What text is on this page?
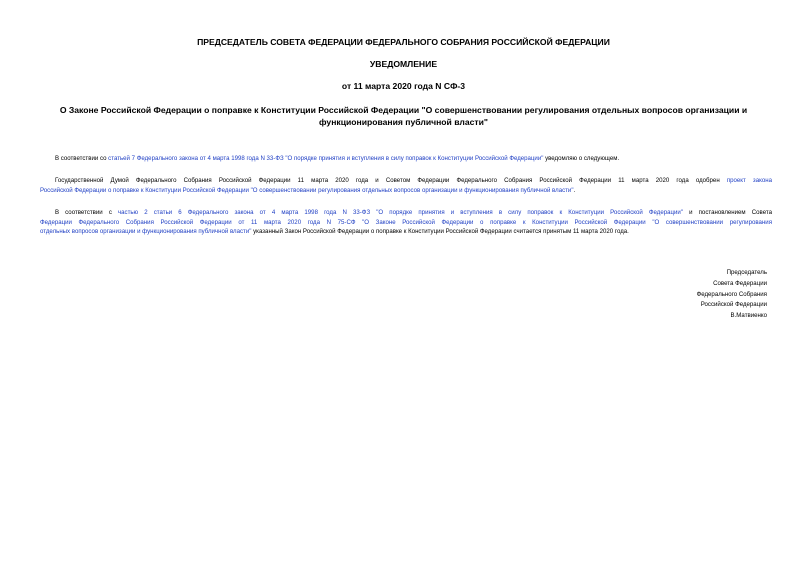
ПРЕДСЕДАТЕЛЬ СОВЕТА ФЕДЕРАЦИИ ФЕДЕРАЛЬНОГО СОБРАНИЯ РОССИЙСКОЙ ФЕДЕРАЦИИ
УВЕДОМЛЕНИЕ
от 11 марта 2020 года N СФ-3
О Законе Российской Федерации о поправке к Конституции Российской Федерации "О совершенствовании регулирования отдельных вопросов организации и
функционирования публичной власти"
В соответствии со статьей 7 Федерального закона от 4 марта 1998 года N 33-ФЗ "О порядке принятия и вступления в силу поправок к Конституции Российской Федерации" уведомляю о следующем.
Государственной Думой Федерального Собрания Российской Федерации 11 марта 2020 года и Советом Федерации Федерального Собрания Российской Федерации 11 марта 2020 года одобрен проект закона
Российской Федерации о поправке к Конституции Российской Федерации "О совершенствовании регулирования отдельных вопросов организации и функционирования публичной власти".
В соответствии с частью 2 статьи 6 Федерального закона от 4 марта 1998 года N 33-ФЗ "О порядке принятия и вступления в силу поправок к Конституции Российской Федерации" и постановлением Совета
Федерации Федерального Собрания Российской Федерации от 11 марта 2020 года N 75-СФ "О Законе Российской Федерации о поправке к Конституции Российской Федерации "О совершенствовании регулирования
отдельных вопросов организации и функционирования публичной власти" указанный Закон Российской Федерации о поправке к Конституции Российской Федерации считается принятым 11 марта 2020 года.
Председатель
Совета Федерации
Федерального Собрания
Российской Федерации
В.Матвиенко
